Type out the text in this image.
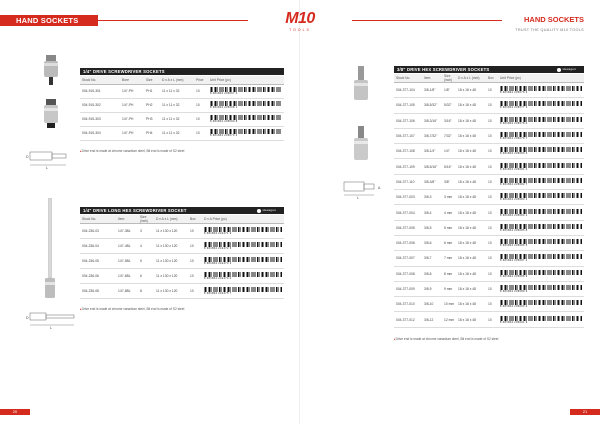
HAND SOCKETS	M10
TOOLS
HAND SOCKETS
TRUST THE QUALITY M10 TOOLS
L
D
1/4" DRIVE SCREWDRIVER SOCKETS
Stock No.	Bore	Size	D x A x L (mm)	Price	Unit Price (pc)
004-915-301	1/4"-PH	PH1	11 x 11 x 32	10	8 681804 235067 4

004-915-302	1/4"-PH	PH2	11 x 11 x 32	10	8 681804 235068 1

004-915-303	1/4"-PH	PH3	11 x 11 x 32	10	8 681804 235069 8

004-915-304	1/4"-PH	PH4	11 x 11 x 32	10	8 681804 235070 4
▸ Drive end is made at chrome vanadium steel, Bit end is made of S2 steel
L
D
1/4" DRIVE LONG HEX SCREWDRIVER SOCKET	Hexagon
Stock No.	Item	Size (inch)	D x A x L (mm)	Box	D x A Price (pc)
004-236-03	1/4"-3BL	3	11 x 130 x 120	10	8 681804 242471 9

004-236-04	1/4"-4BL	4	11 x 130 x 120	10	8 681804 242472 6

004-236-05	1/4"-5BL	5	11 x 130 x 120	10	8 681804 242473 3

004-236-06	1/4"-6BL	6	11 x 130 x 120	10	8 681804 242474 0

004-236-08	1/4"-8BL	8	11 x 130 x 120	10	8 681804 242475 7
▸ Drive end is made at chrome vanadium steel, Bit end is made of S2 steel
L
A
3/8" DRIVE HEX SCREWDRIVER SOCKETS	Hexagon
Stock No.	Item	Size (inch)	D x A x L (mm)	Box	Unit Price (pc)
004-377-104	3/8-1/8"	1/8"	18 x 18 x 48	10	8 681804 235076 6

004-377-105	3/8-5/32"	5/32"	18 x 18 x 48	10	8 681804 235077 3

004-377-106	3/8-3/16"	3/16"	18 x 18 x 48	10	8 681804 235078 0

004-377-107	3/8-7/32"	7/32"	18 x 18 x 48	10	8 681804 235079 7

004-377-108	3/8-1/4"	1/4"	18 x 18 x 48	10	8 681804 235080 3

004-377-109	3/8-5/16"	5/16"	18 x 18 x 48	10	8 681804 235081 0

004-377-110	3/8-3/8"	3/8"	18 x 18 x 48	10	8 681804 235082 7

004-377-003	3/8-3	3 mm	18 x 18 x 48	10	8 681804 235083 4

004-377-004	3/8-4	4 mm	18 x 18 x 48	10	8 681804 235084 1

004-377-005	3/8-5	5 mm	18 x 18 x 48	10	8 681804 235085 8

004-377-006	3/8-6	6 mm	18 x 18 x 48	10	8 681804 235086 5

004-377-007	3/8-7	7 mm	18 x 18 x 48	10	8 681804 235087 2

004-377-008	3/8-8	8 mm	18 x 18 x 48	10	8 681804 235088 9

004-377-009	3/8-9	9 mm	18 x 18 x 48	10	8 681804 235089 6

004-377-010	3/8-10	10 mm	18 x 18 x 48	10	8 681804 235090 2

004-377-012	3/8-12	12 mm	18 x 18 x 48	10	8 681804 235091 9
▸ Drive end is made at chrome vanadium steel, Bit end is made of S2 steel
20	21
